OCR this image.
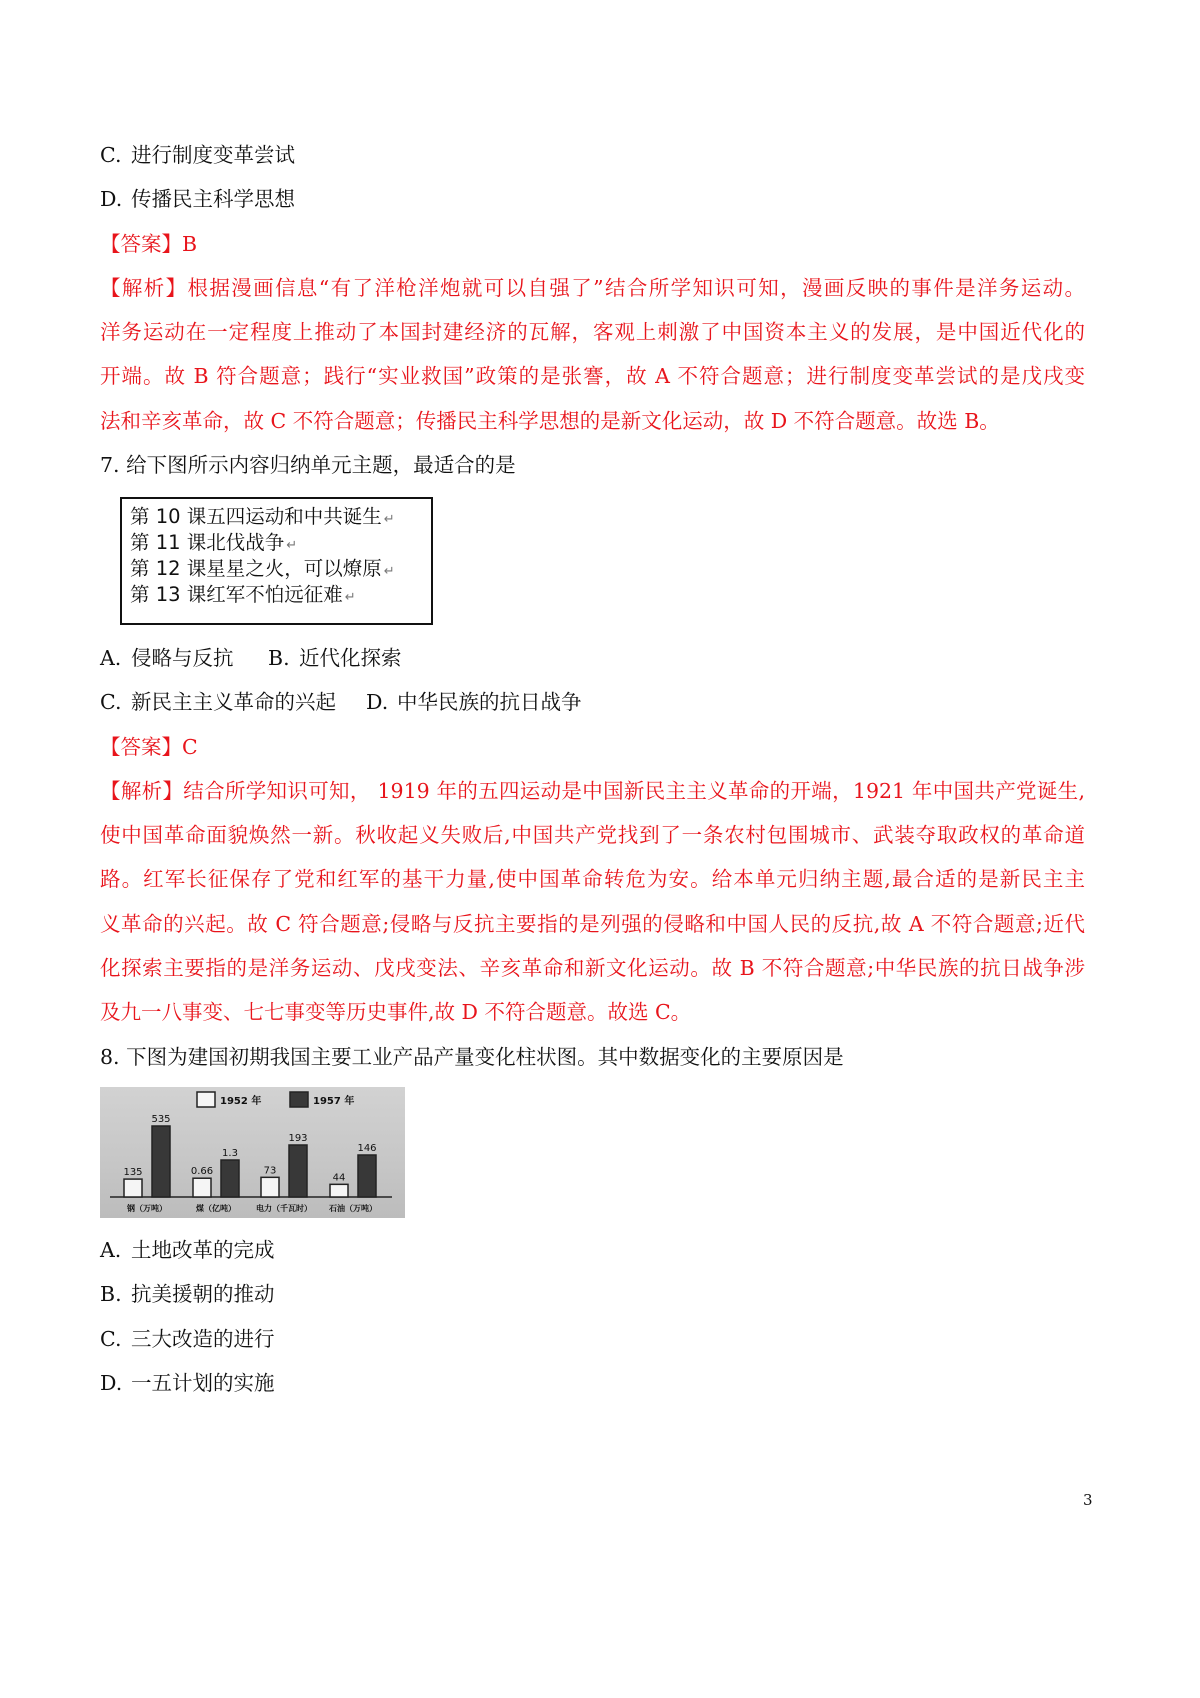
C. 进行制度变革尝试
D. 传播民主科学思想
【答案】B
【解析】根据漫画信息“有了洋枪洋炮就可以自强了”结合所学知识可知，漫画反映的事件是洋务运动。
洋务运动在一定程度上推动了本国封建经济的瓦解，客观上刺激了中国资本主义的发展，是中国近代化的
开端。故 B 符合题意；践行“实业救国”政策的是张謇，故 A 不符合题意；进行制度变革尝试的是戊戌变
法和辛亥革命，故 C 不符合题意；传播民主科学思想的是新文化运动，故 D 不符合题意。故选 B。
7. 给下图所示内容归纳单元主题，最适合的是
第 10 课五四运动和中共诞生 ↵
第 11 课北伐战争 ↵
第 12 课星星之火，可以燎原 ↵
第 13 课红军不怕远征难 ↵
A. 侵略与反抗 B. 近代化探索
C. 新民主主义革命的兴起 D. 中华民族的抗日战争
【答案】C
【解析】结合所学知识可知， 1919 年的五四运动是中国新民主主义革命的开端，1921 年中国共产党诞生,
使中国革命面貌焕然一新。秋收起义失败后,中国共产党找到了一条农村包围城市、武装夺取政权的革命道
路。红军长征保存了党和红军的基干力量,使中国革命转危为安。给本单元归纳主题,最合适的是新民主主
义革命的兴起。故 C 符合题意;侵略与反抗主要指的是列强的侵略和中国人民的反抗,故 A 不符合题意;近代
化探索主要指的是洋务运动、戊戌变法、辛亥革命和新文化运动。故 B 不符合题意;中华民族的抗日战争涉
及九一八事变、七七事变等历史事件,故 D 不符合题意。故选 C。
8. 下图为建国初期我国主要工业产品产量变化柱状图。其中数据变化的主要原因是
1952 年	1957 年
135
535
钢（万吨）
0.66
1.3
煤（亿吨）
73
193
电力（千瓦时）
44
146
石油（万吨）
A. 土地改革的完成
B. 抗美援朝的推动
C. 三大改造的进行
D. 一五计划的实施
3
